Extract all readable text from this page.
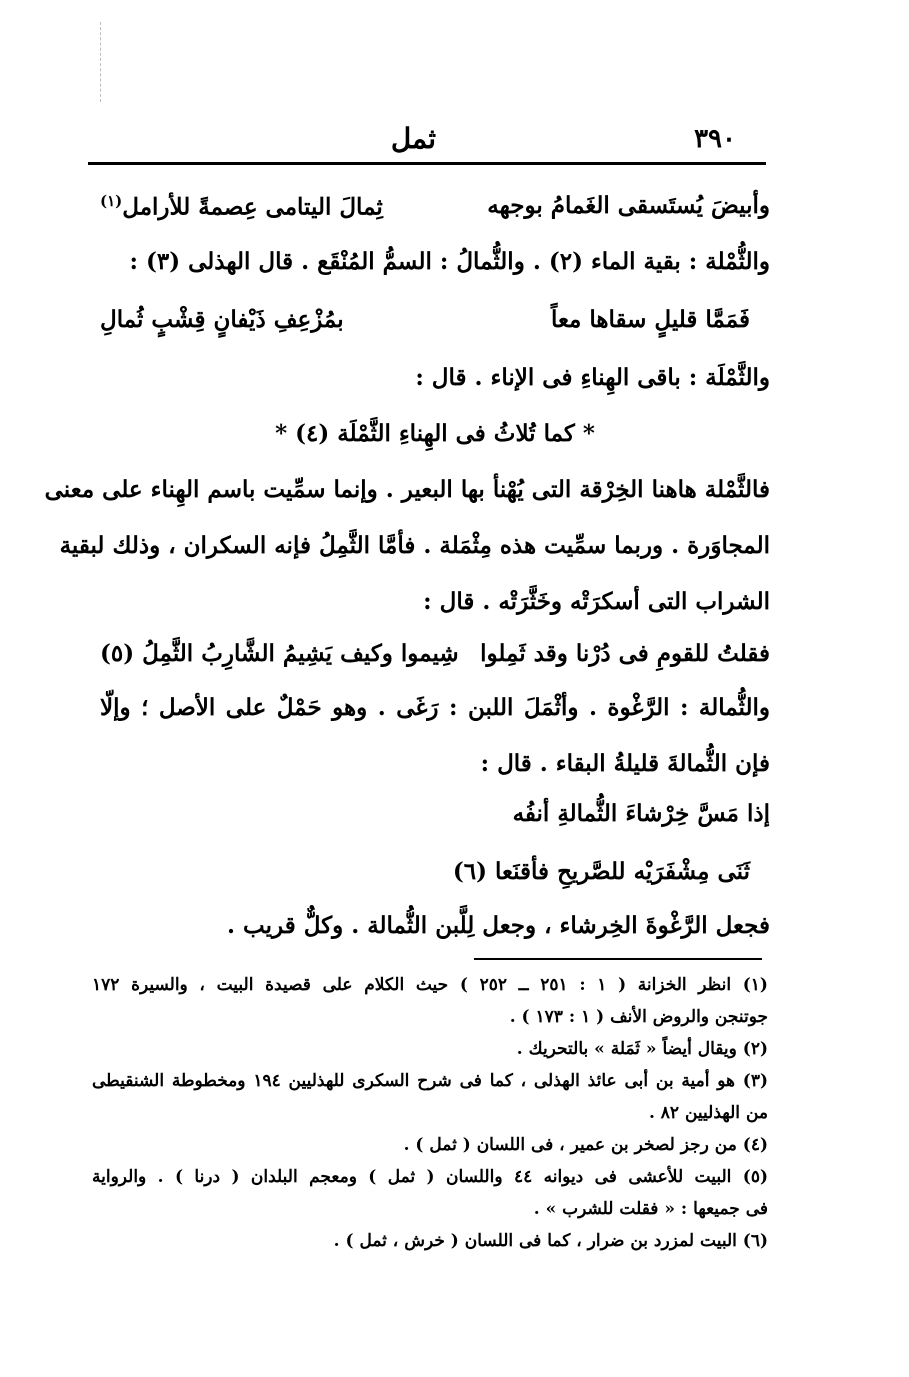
٣٩٠
ثمل
وأبيضَ يُستَسقى الغَمامُ بوجهه
ثِمالَ اليتامى عِصمةً للأرامل$^{(١)}$
والثُّمْلة : بقية الماء (٢) . والثُّمالُ : السمُّ المُنْقَع . قال الهذلى (٣) :
فَمَمَّا قليلٍ سقاها معاً
بمُزْعِفِ ذَيْفانٍ قِشْبٍ ثُمالِ
والثَّمْلَة : باقى الهِناءِ فى الإناء . قال :
* كما تُلاثُ فى الهِناءِ الثَّمْلَة (٤) *
فالثَّمْلة هاهنا الخِرْقة التى يُهْنأ بها البعير . وإنما سمِّيت باسم الهِناء على معنى
المجاوَرة . وربما سمِّيت هذه مِثْمَلة . فأمَّا الثَّمِلُ فإنه السكران ، وذلك لبقية
الشراب التى أسكرَتْه وخَثَّرَتْه . قال :
فقلتُ للقومِ فى دُرْنا وقد ثَمِلوا
شِيموا وكيف يَشِيمُ الشَّارِبُ الثَّمِلُ (٥)
والثُّمالة : الرَّغْوة . وأثْمَلَ اللبن : رَغَى . وهو حَمْلٌ على الأصل ؛ وإلّا
فإن الثُّمالةَ قليلةُ البقاء . قال :
إذا مَسَّ خِرْشاءَ الثُّمالةِ أنفُه
ثَنَى مِشْفَرَيْه للصَّريحِ فأقنَعا (٦)
فجعل الرَّغْوةَ الخِرشاء ، وجعل لِلَّبن الثُّمالة . وكلٌّ قريب .
(١) انظر الخزانة ( ١ : ٢٥١ ــ ٢٥٢ ) حيث الكلام على قصيدة البيت ، والسيرة ١٧٢
جوتنجن والروض الأنف ( ١ : ١٧٣ ) .
(٢) ويقال أيضاً « ثَمَلة » بالتحريك .
(٣) هو أمية بن أبى عائذ الهذلى ، كما فى شرح السكرى للهذليين ١٩٤ ومخطوطة الشنقيطى
من الهذليين ٨٢ .
(٤) من رجز لصخر بن عمير ، فى اللسان ( ثمل ) .
(٥) البيت للأعشى فى ديوانه ٤٤ واللسان ( ثمل ) ومعجم البلدان ( درنا ) . والرواية
فى جميعها : « فقلت للشرب » .
(٦) البيت لمزرد بن ضرار ، كما فى اللسان ( خرش ، ثمل ) .
